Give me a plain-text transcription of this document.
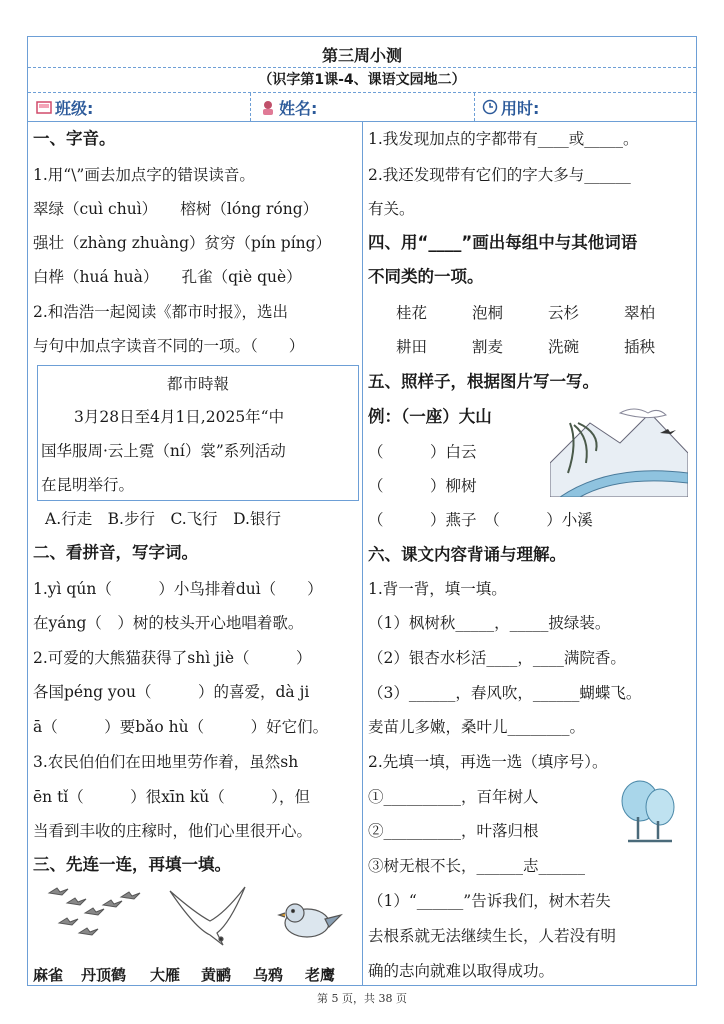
第三周小测
（识字第1课-4、课语文园地二）
班级:	姓名:	用时:
一、字音。
1.用“\”画去加点字的错误读音。
翠绿（cuì chuì）　　榕树（lóng róng）
强壮（zhàng zhuàng）贫穷（pín píng）
白桦（huá huà）　　孔雀（qiè què）
2.和浩浩一起阅读《都市时报》，选出
与句中加点字读音不同的一项。（　　）
都市時報
3月28日至4月1日,2025年“中
国华服周·云上霓（ní）裳”系列活动
在昆明举行。
A.行走　B.步行　C.飞行　D.银行
二、看拼音，写字词。
1.yì qún（　　　）小鸟排着duì（　　）
在yáng（　）树的枝头开心地唱着歌。
2.可爱的大熊猫获得了shì jiè（　　　）
各国péng you（　　　）的喜爱，dà ji
ā（　　　）要bǎo hù（　　　）好它们。
3.农民伯伯们在田地里劳作着，虽然sh
ēn tǐ（　　　）很xīn kǔ（　　　），但
当看到丰收的庄稼时，他们心里很开心。
三、先连一连，再填一填。
麻雀 丹顶鹤 大雁 黄鹂 乌鸦 老鹰
1.我发现加点的字都带有____或_____。
2.我还发现带有它们的字大多与______
有关。
四、用“____”画出每组中与其他词语
不同类的一项。
桂花	泡桐	云杉	翠柏
耕田	割麦	洗碗	插秧
五、照样子，根据图片写一写。
例：（一座）大山
（　　　）白云
（　　　）柳树
（　　　）燕子　（　　　）小溪
六、课文内容背诵与理解。
1.背一背，填一填。
（1）枫树秋_____，_____披绿装。
（2）银杏水杉活____，____满院香。
（3）______，春风吹，______蝴蝶飞。
麦苗儿多嫩，桑叶儿________。
2.先填一填，再选一选（填序号）。
①__________，百年树人
②__________，叶落归根
③树无根不长，______志______
（1）“______”告诉我们，树木若失
去根系就无法继续生长，人若没有明
确的志向就难以取得成功。
第 5 页，共 38 页
